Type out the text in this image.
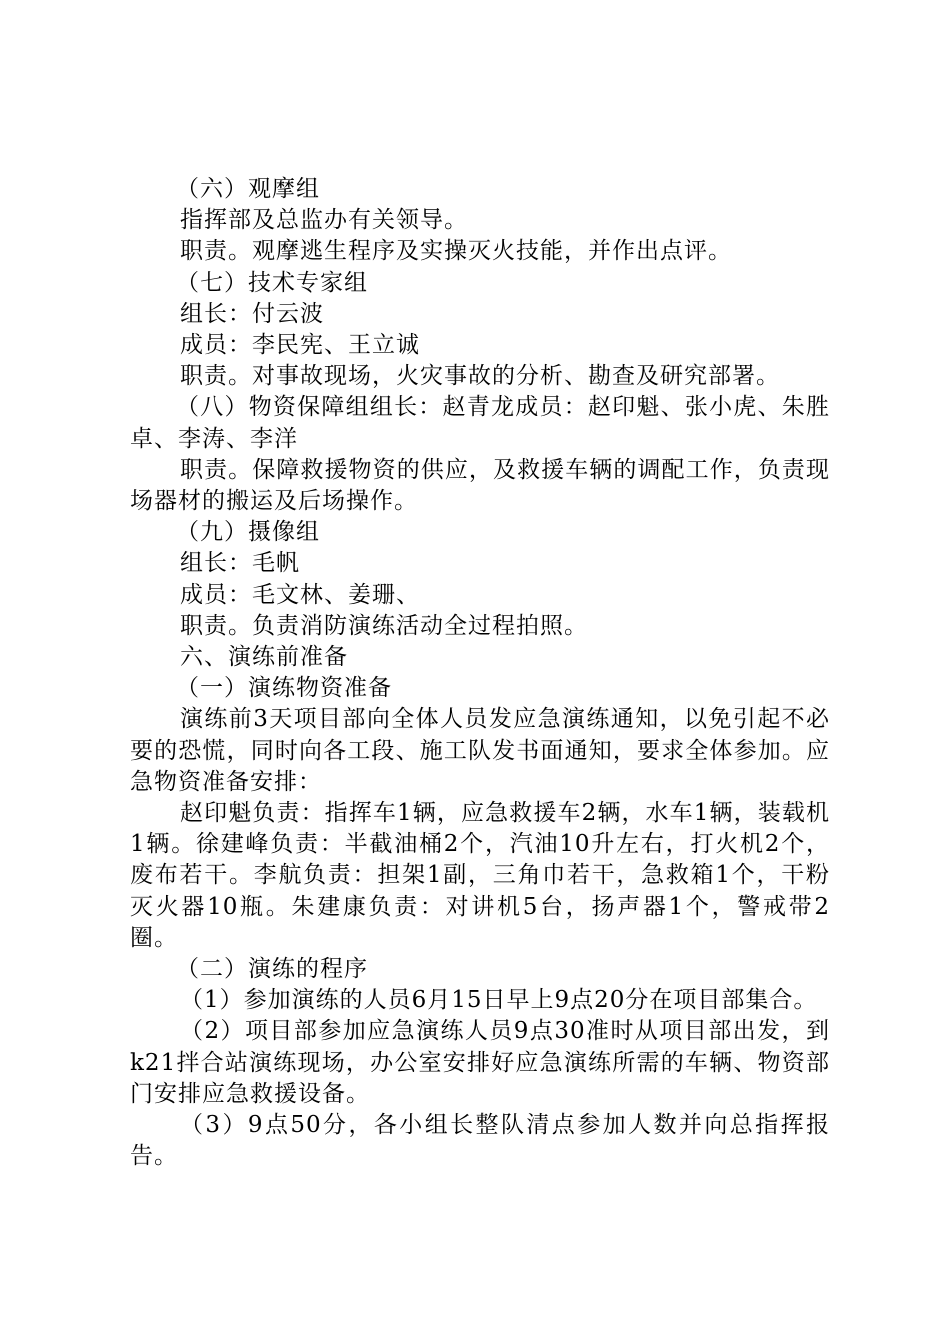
（六）观摩组

指挥部及总监办有关领导。

职责。观摩逃生程序及实操灭火技能，并作出点评。

（七）技术专家组

组长：付云波

成员：李民宪、王立诚

职责。对事故现场，火灾事故的分析、勘查及研究部署。

（八）物资保障组组长：赵青龙成员：赵印魁、张小虎、朱胜卓、李涛、李洋

职责。保障救援物资的供应，及救援车辆的调配工作，负责现场器材的搬运及后场操作。

（九）摄像组

组长：毛帆

成员：毛文林、姜珊、

职责。负责消防演练活动全过程拍照。

六、演练前准备

（一）演练物资准备

演练前3天项目部向全体人员发应急演练通知，以免引起不必要的恐慌，同时向各工段、施工队发书面通知，要求全体参加。应急物资准备安排：

赵印魁负责：指挥车1辆，应急救援车2辆，水车1辆，装载机1辆。徐建峰负责：半截油桶2个，汽油10升左右，打火机2个，废布若干。李航负责：担架1副，三角巾若干，急救箱1个，干粉灭火器10瓶。朱建康负责：对讲机5台，扬声器1个，警戒带2圈。

（二）演练的程序

（1）参加演练的人员6月15日早上9点20分在项目部集合。

（2）项目部参加应急演练人员9点30准时从项目部出发，到k21拌合站演练现场，办公室安排好应急演练所需的车辆、物资部门安排应急救援设备。

（3）9点50分，各小组长整队清点参加人数并向总指挥报告。
